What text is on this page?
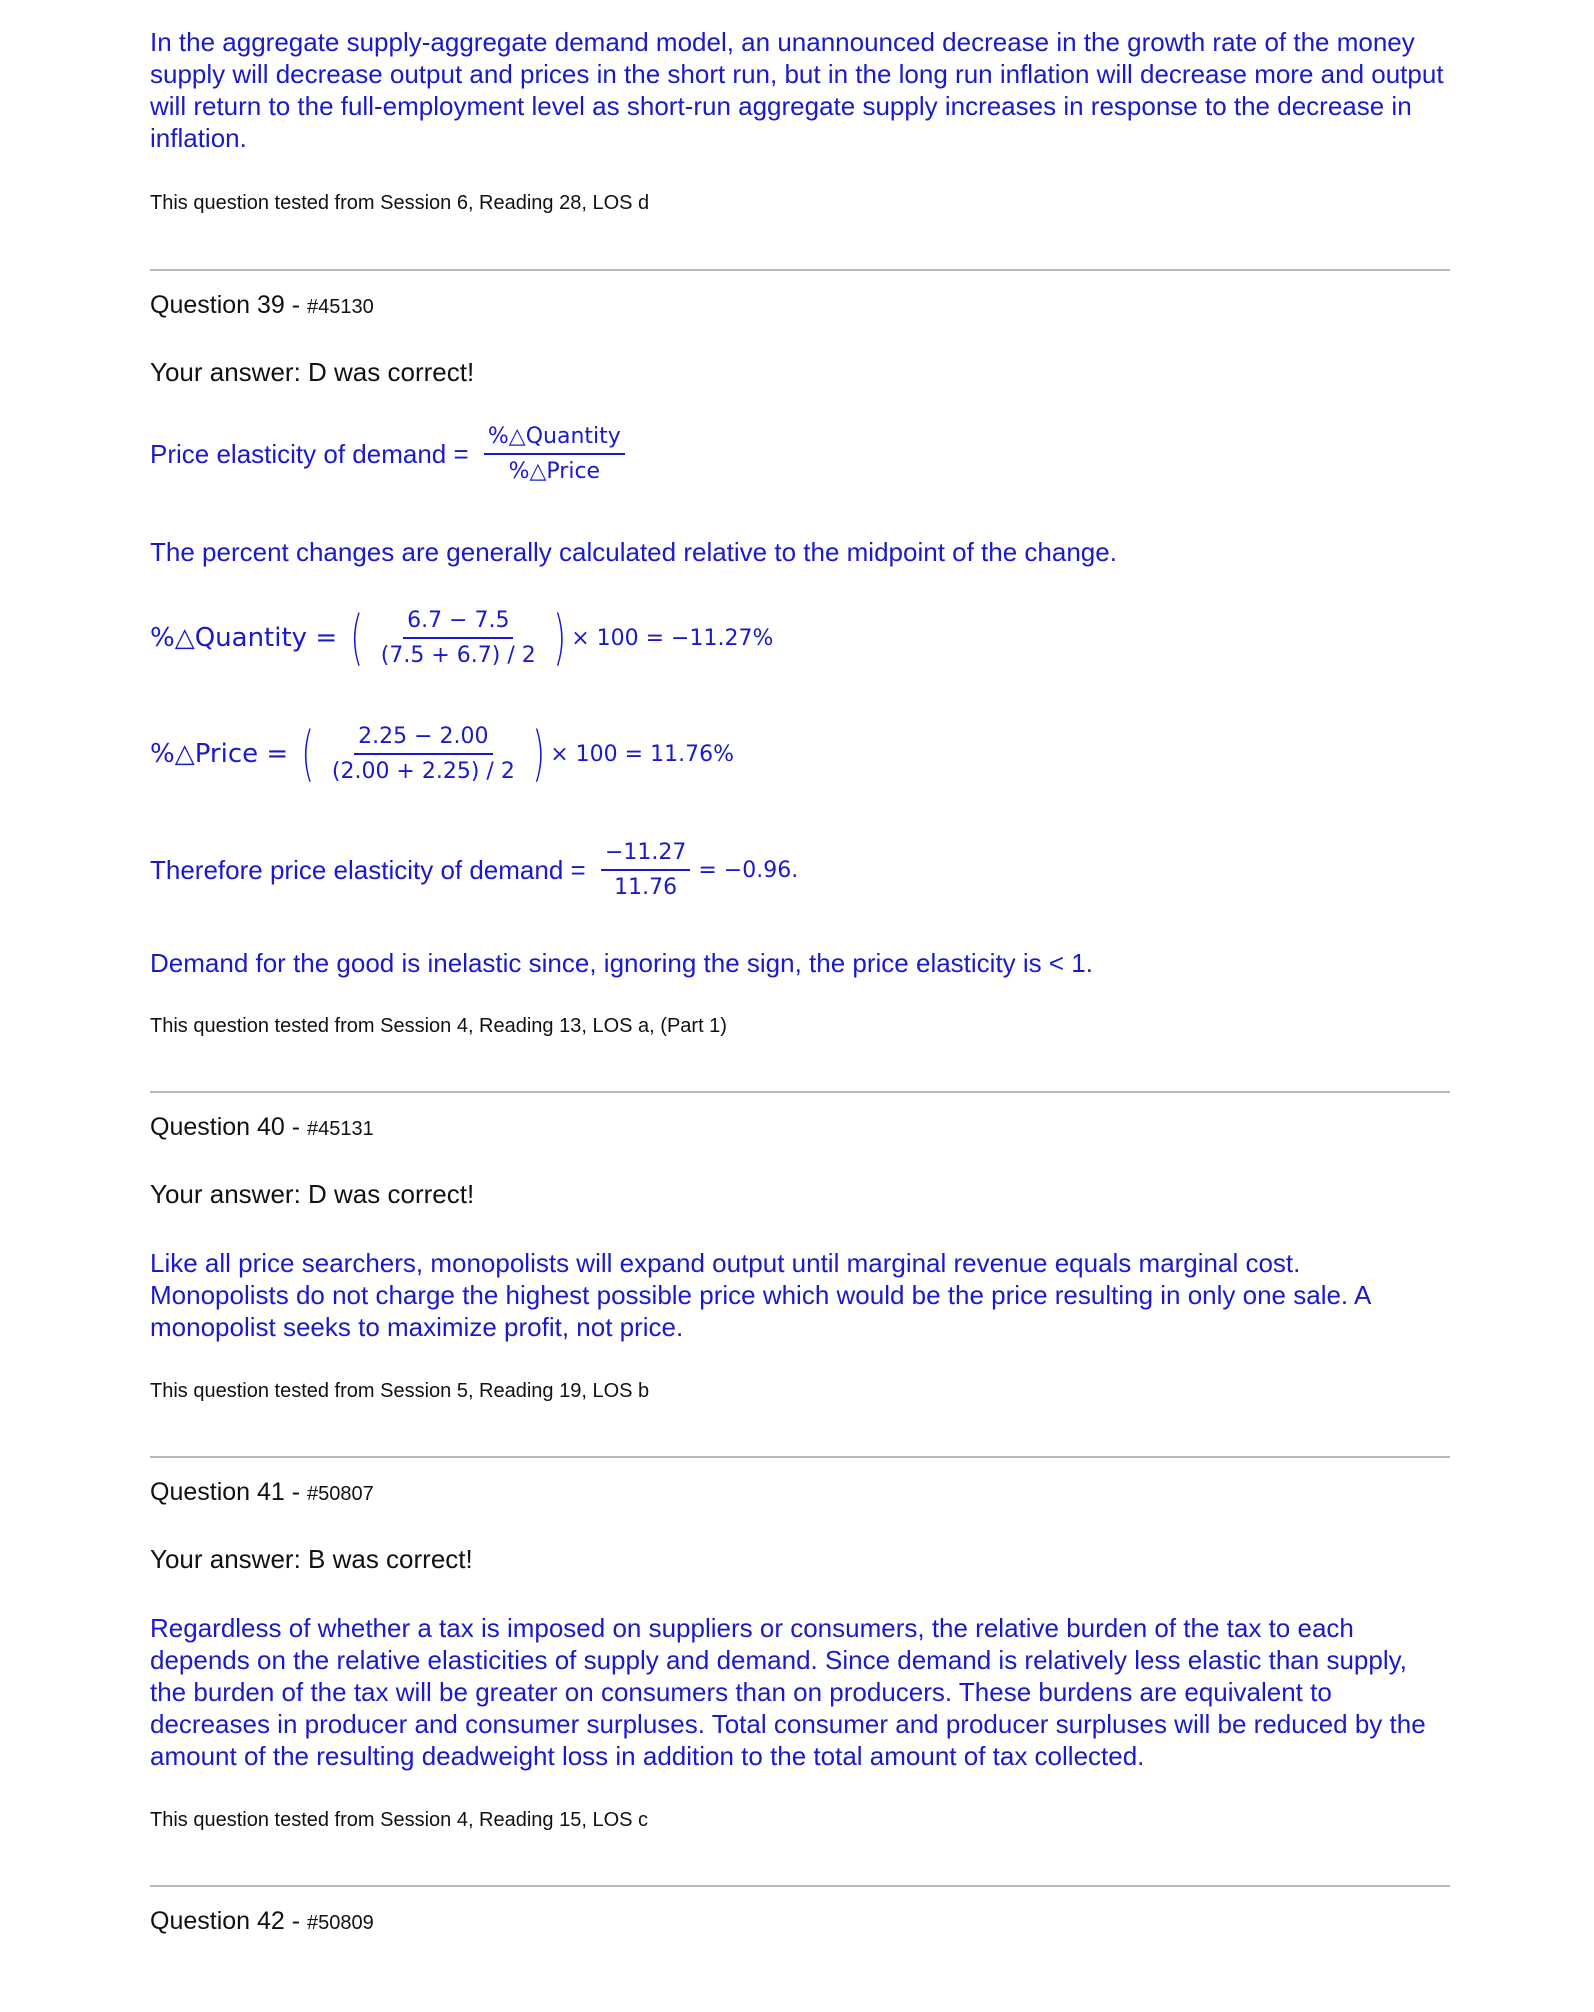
In the aggregate supply-aggregate demand model, an unannounced decrease in the growth rate of the money supply will decrease output and prices in the short run, but in the long run inflation will decrease more and output will return to the full-employment level as short-run aggregate supply increases in response to the decrease in inflation.

This question tested from Session 6, Reading 28, LOS d

Question 39 - #45130

Your answer: D was correct!

Price elasticity of demand = $\frac{\text{\%△Quantity}}{\text{\%△Price}}$

The percent changes are generally calculated relative to the midpoint of the change.

%△Quantity = ( $\frac{6.7 - 7.5}{(7.5 + 6.7) / 2}$ ) × 100 = −11.27%
%△Price = ( $\frac{2.25 - 2.00}{(2.00 + 2.25) / 2}$ ) × 100 = 11.76%
Therefore price elasticity of demand = $\frac{-11.27}{11.76} = -0.96$.

Demand for the good is inelastic since, ignoring the sign, the price elasticity is < 1.

This question tested from Session 4, Reading 13, LOS a, (Part 1)

Question 40 - #45131

Your answer: D was correct!

Like all price searchers, monopolists will expand output until marginal revenue equals marginal cost. Monopolists do not charge the highest possible price which would be the price resulting in only one sale. A monopolist seeks to maximize profit, not price.

This question tested from Session 5, Reading 19, LOS b

Question 41 - #50807

Your answer: B was correct!

Regardless of whether a tax is imposed on suppliers or consumers, the relative burden of the tax to each depends on the relative elasticities of supply and demand. Since demand is relatively less elastic than supply, the burden of the tax will be greater on consumers than on producers. These burdens are equivalent to decreases in producer and consumer surpluses. Total consumer and producer surpluses will be reduced by the amount of the resulting deadweight loss in addition to the total amount of tax collected.

This question tested from Session 4, Reading 15, LOS c

Question 42 - #50809
